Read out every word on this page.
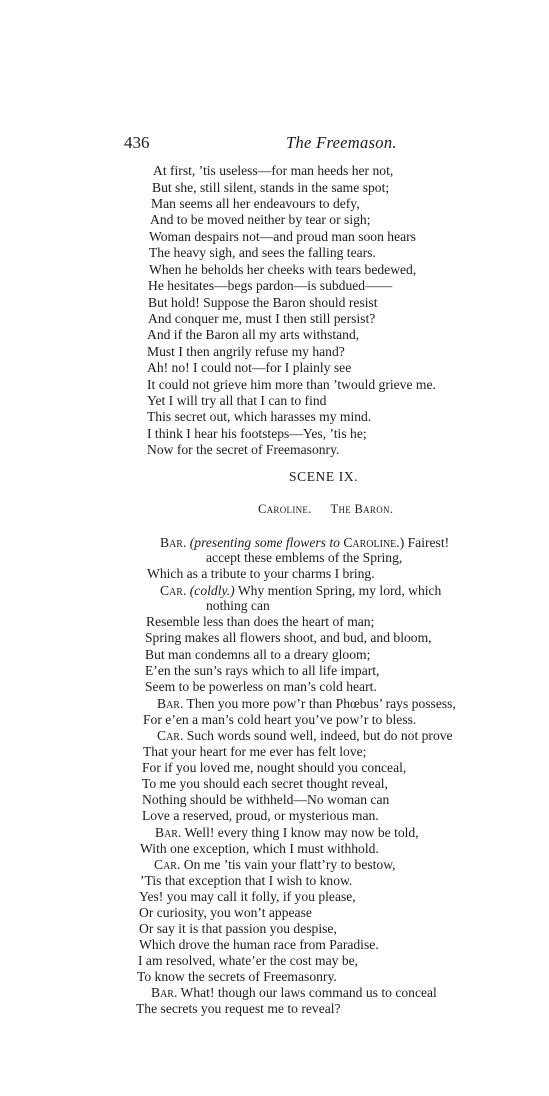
436	The Freemason.
At first, ’tis useless—for man heeds her not,
But she, still silent, stands in the same spot;
Man seems all her endeavours to defy,
And to be moved neither by tear or sigh;
Woman despairs not—and proud man soon hears
The heavy sigh, and sees the falling tears.
When he beholds her cheeks with tears bedewed,
He hesitates—begs pardon—is subdued——
But hold! Suppose the Baron should resist
And conquer me, must I then still persist?
And if the Baron all my arts withstand,
Must I then angrily refuse my hand?
Ah! no! I could not—for I plainly see
It could not grieve him more than ’twould grieve me.
Yet I will try all that I can to find
This secret out, which harasses my mind.
I think I hear his footsteps—Yes, ’tis he;
Now for the secret of Freemasonry.
SCENE IX.
Caroline. The Baron.
Bar. (presenting some flowers to Caroline.) Fairest!
accept these emblems of the Spring,
Which as a tribute to your charms I bring.
Car. (coldly.) Why mention Spring, my lord, which
nothing can
Resemble less than does the heart of man;
Spring makes all flowers shoot, and bud, and bloom,
But man condemns all to a dreary gloom;
E’en the sun’s rays which to all life impart,
Seem to be powerless on man’s cold heart.
Bar. Then you more pow’r than Phœbus’ rays possess,
For e’en a man’s cold heart you’ve pow’r to bless.
Car. Such words sound well, indeed, but do not prove
That your heart for me ever has felt love;
For if you loved me, nought should you conceal,
To me you should each secret thought reveal,
Nothing should be withheld—No woman can
Love a reserved, proud, or mysterious man.
Bar. Well! every thing I know may now be told,
With one exception, which I must withhold.
Car. On me ’tis vain your flatt’ry to bestow,
’Tis that exception that I wish to know.
Yes! you may call it folly, if you please,
Or curiosity, you won’t appease
Or say it is that passion you despise,
Which drove the human race from Paradise.
I am resolved, whate’er the cost may be,
To know the secrets of Freemasonry.
Bar. What! though our laws command us to conceal
The secrets you request me to reveal?
